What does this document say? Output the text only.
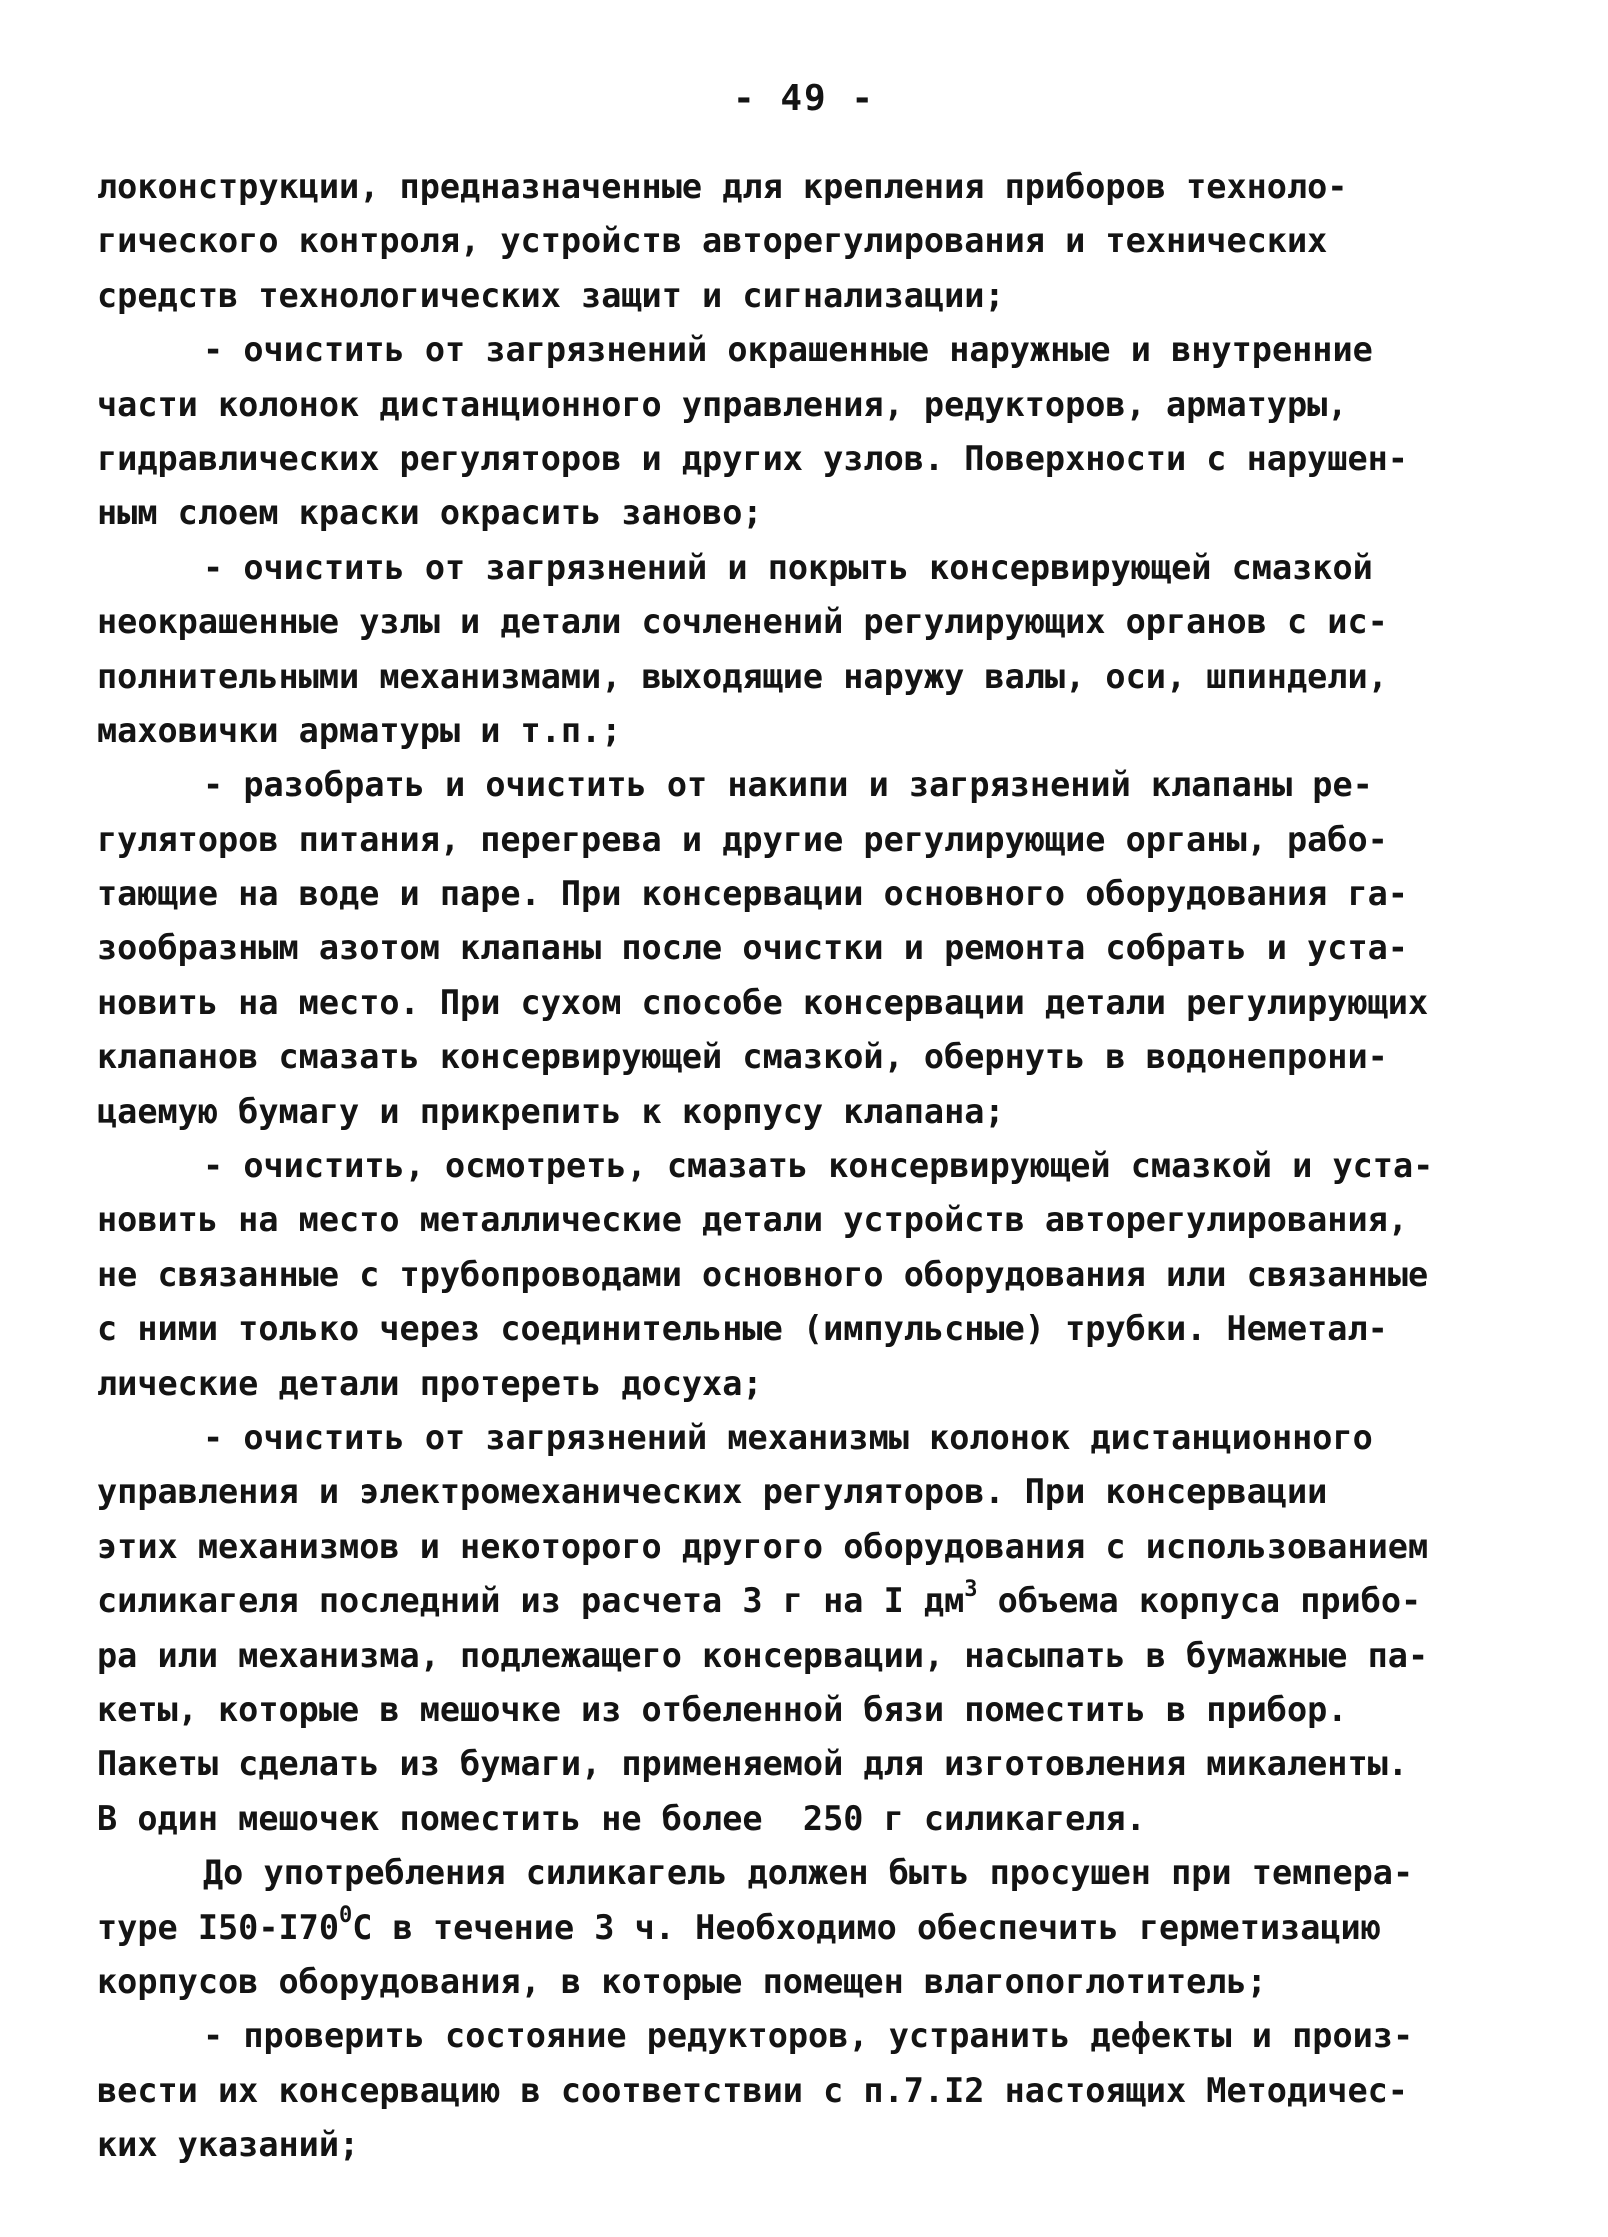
- 49 -
локонструкции, предназначенные для крепления приборов техноло-
гического контроля, устройств авторегулирования и технических
средств технологических защит и сигнализации;
- очистить от загрязнений окрашенные наружные и внутренние
части колонок дистанционного управления, редукторов, арматуры,
гидравлических регуляторов и других узлов. Поверхности с нарушен-
ным слоем краски окрасить заново;
- очистить от загрязнений и покрыть консервирующей смазкой
неокрашенные узлы и детали сочленений регулирующих органов с ис-
полнительными механизмами, выходящие наружу валы, оси, шпиндели,
маховички арматуры и т.п.;
- разобрать и очистить от накипи и загрязнений клапаны ре-
гуляторов питания, перегрева и другие регулирующие органы, рабо-
тающие на воде и паре. При консервации основного оборудования га-
зообразным азотом клапаны после очистки и ремонта собрать и уста-
новить на место. При сухом способе консервации детали регулирующих
клапанов смазать консервирующей смазкой, обернуть в водонепрони-
цаемую бумагу и прикрепить к корпусу клапана;
- очистить, осмотреть, смазать консервирующей смазкой и уста-
новить на место металлические детали устройств авторегулирования,
не связанные с трубопроводами основного оборудования или связанные
с ними только через соединительные (импульсные) трубки. Неметал-
лические детали протереть досуха;
- очистить от загрязнений механизмы колонок дистанционного
управления и электромеханических регуляторов. При консервации
этих механизмов и некоторого другого оборудования с использованием
силикагеля последний из расчета 3 г на I $дм^3$ объема корпуса прибо-
ра или механизма, подлежащего консервации, насыпать в бумажные па-
кеты, которые в мешочке из отбеленной бязи поместить в прибор.
Пакеты сделать из бумаги, применяемой для изготовления микаленты.
В один мешочек поместить не более  250 г силикагеля.
До употребления силикагель должен быть просушен при темпера-
туре $I50-I70^0С$ в течение 3 ч. Необходимо обеспечить герметизацию
корпусов оборудования, в которые помещен влагопоглотитель;
- проверить состояние редукторов, устранить дефекты и произ-
вести их консервацию в соответствии с п.7.I2 настоящих Методичес-
ких указаний;
